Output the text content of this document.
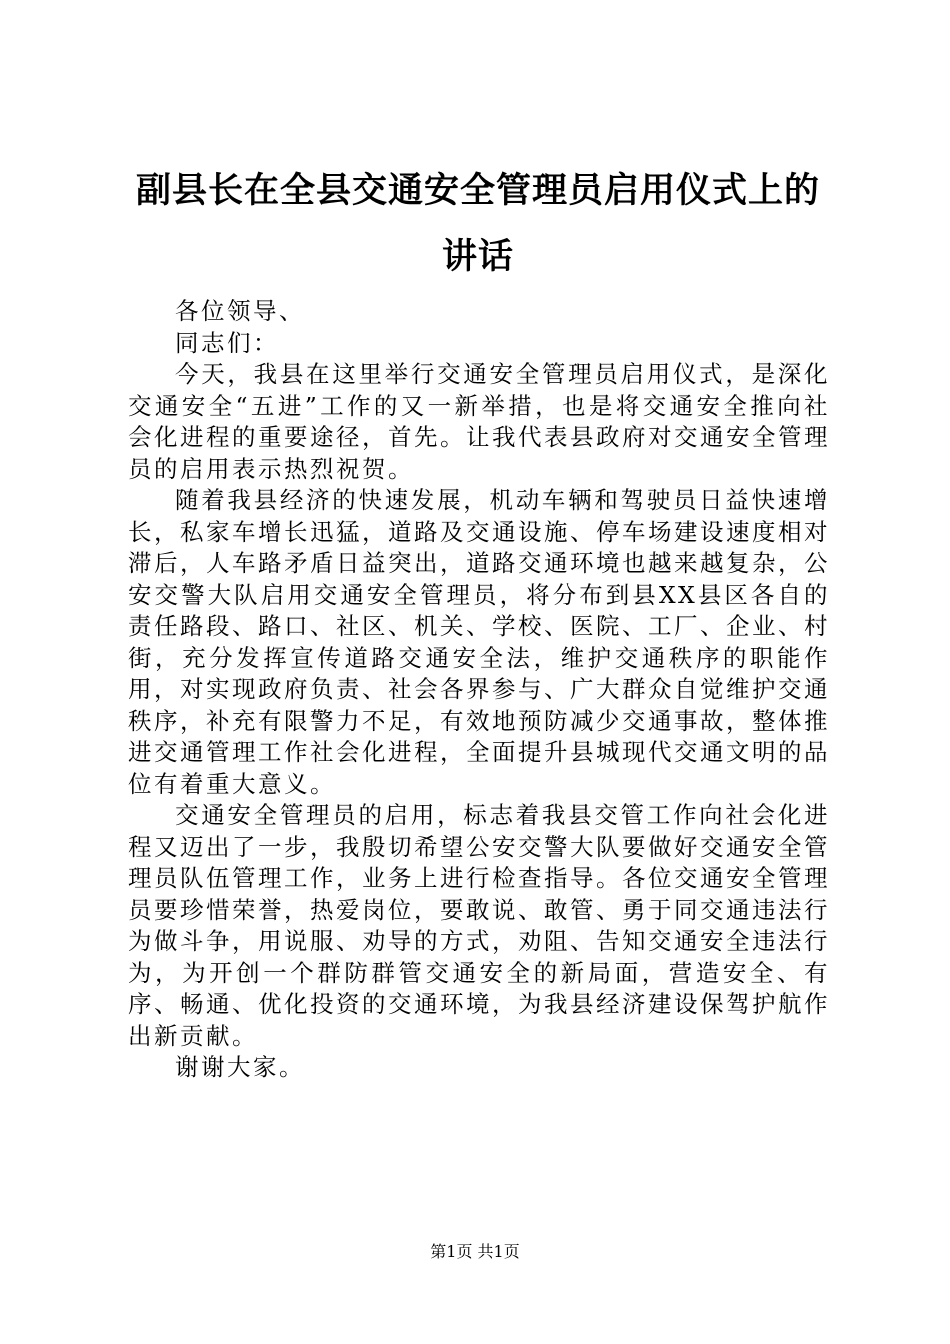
副县长在全县交通安全管理员启用仪式上的讲话

各位领导、

同志们：

今天，我县在这里举行交通安全管理员启用仪式，是深化交通安全“五进”工作的又一新举措，也是将交通安全推向社会化进程的重要途径，首先。让我代表县政府对交通安全管理员的启用表示热烈祝贺。

随着我县经济的快速发展，机动车辆和驾驶员日益快速增长，私家车增长迅猛，道路及交通设施、停车场建设速度相对滞后，人车路矛盾日益突出，道路交通环境也越来越复杂，公安交警大队启用交通安全管理员，将分布到县XX县区各自的责任路段、路口、社区、机关、学校、医院、工厂、企业、村街，充分发挥宣传道路交通安全法，维护交通秩序的职能作用，对实现政府负责、社会各界参与、广大群众自觉维护交通秩序，补充有限警力不足，有效地预防减少交通事故，整体推进交通管理工作社会化进程，全面提升县城现代交通文明的品位有着重大意义。

交通安全管理员的启用，标志着我县交管工作向社会化进程又迈出了一步，我殷切希望公安交警大队要做好交通安全管理员队伍管理工作，业务上进行检查指导。各位交通安全管理员要珍惜荣誉，热爱岗位，要敢说、敢管、勇于同交通违法行为做斗争，用说服、劝导的方式，劝阻、告知交通安全违法行为，为开创一个群防群管交通安全的新局面，营造安全、有序、畅通、优化投资的交通环境，为我县经济建设保驾护航作出新贡献。

谢谢大家。

第1页 共1页
